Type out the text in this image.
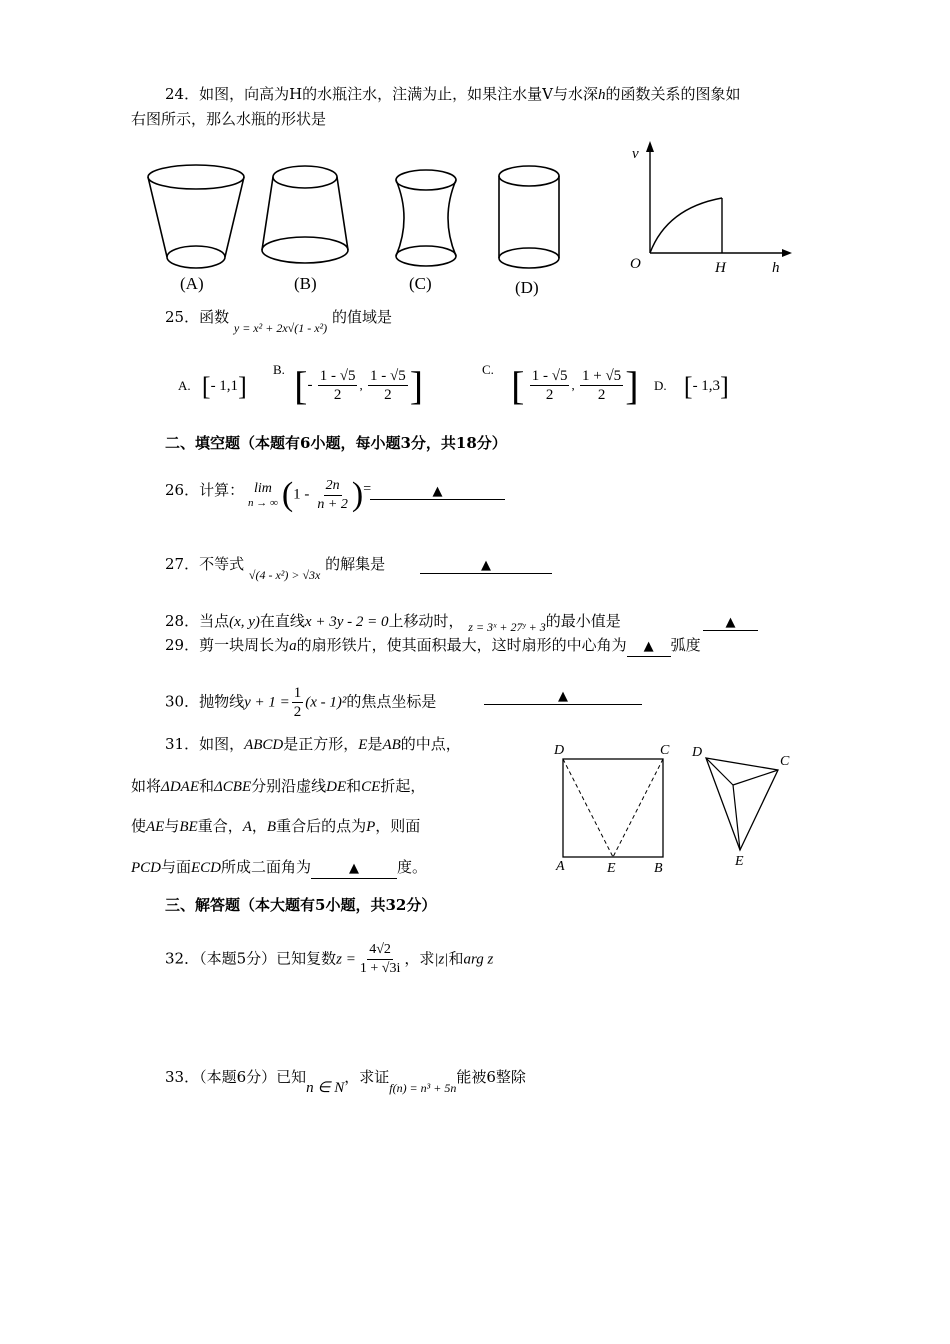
24．如图，向高为H的水瓶注水，注满为止，如果注水量V与水深h的函数关系的图象如
右图所示，那么水瓶的形状是
(A)	(B)	(C)	(D)
v
O	H	h
25．函数 $_{y = x^2 + 2x√(1 - x^2)}$ 的值域是
A. [- 1,1]
B. [- $\frac{1 - √5}{2}$ , $\frac{1 - √5}{2}$ ]	C. [ $\frac{1 - √5}{2}$ , $\frac{1 + √5}{2}$ ] D. [- 1,3]
二、填空题（本题有6小题，每小题3分，共18分）
26．计算： lim
n → ∞ $(1 - \frac{2n}{n + 2} )^=$	▲
27．不等式 $_{√(4 - x^2) > √3x}$ 的解集是	▲
28．当点(x, y)在直线x + 3y - 2 = 0上移动时， $_{z = 3ˣ + 27ʸ + 3}$的最小值是	▲
29．剪一块周长为a的扇形铁片，使其面积最大，这时扇形的中心角为 ▲ 弧度
30．抛物线$y + 1 = \frac{1}{2} (x - 1)^2$的焦点坐标是	▲
31．如图，ABCD是正方形，E是AB的中点，
如将ΔDAE和ΔCBE分别沿虚线DE和CE折起，
使AE与BE重合，A，B重合后的点为P，则面
PCD与面ECD所成二面角为	▲	度。
D	C
A	E	B
D
C
E
三、解答题（本大题有5小题，共32分）
32．（本题5分）已知复数$z = \frac{4√2}{1 + √3i}$ ，求|z|和arg z
33．（本题6分）已知n ∈ N，求证$_{f(n) = n^3 + 5n}$能被6整除
